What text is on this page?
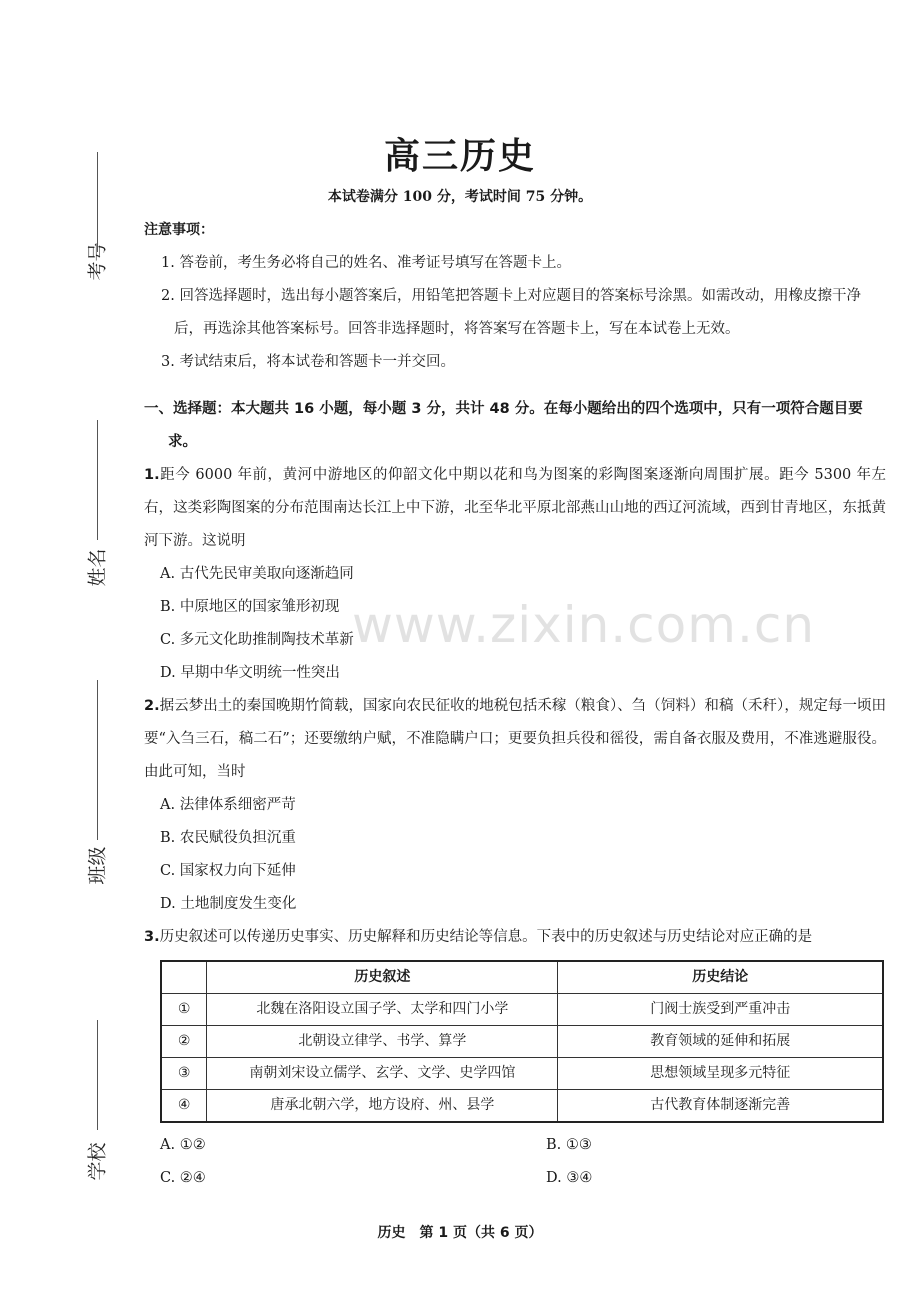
考号
姓名
班级
学校
高三历史
本试卷满分 100 分，考试时间 75 分钟。
www.zixin.com.cn
注意事项：
1. 答卷前，考生务必将自己的姓名、准考证号填写在答题卡上。
2. 回答选择题时，选出每小题答案后，用铅笔把答题卡上对应题目的答案标号涂黑。如需改动，用橡皮擦干净后，再选涂其他答案标号。回答非选择题时，将答案写在答题卡上，写在本试卷上无效。
3. 考试结束后，将本试卷和答题卡一并交回。
一、选择题：本大题共 16 小题，每小题 3 分，共计 48 分。在每小题给出的四个选项中，只有一项符合题目要求。
1.距今 6000 年前，黄河中游地区的仰韶文化中期以花和鸟为图案的彩陶图案逐渐向周围扩展。距今 5300 年左右，这类彩陶图案的分布范围南达长江上中下游，北至华北平原北部燕山山地的西辽河流域，西到甘青地区，东抵黄河下游。这说明
A. 古代先民审美取向逐渐趋同
B. 中原地区的国家雏形初现
C. 多元文化助推制陶技术革新
D. 早期中华文明统一性突出
2.据云梦出土的秦国晚期竹简载，国家向农民征收的地税包括禾稼（粮食）、刍（饲料）和稿（禾秆），规定每一顷田要“入刍三石，稿二石”；还要缴纳户赋，不准隐瞒户口；更要负担兵役和徭役，需自备衣服及费用，不准逃避服役。由此可知，当时
A. 法律体系细密严苛
B. 农民赋役负担沉重
C. 国家权力向下延伸
D. 土地制度发生变化
3.历史叙述可以传递历史事实、历史解释和历史结论等信息。下表中的历史叙述与历史结论对应正确的是
	历史叙述	历史结论
①	北魏在洛阳设立国子学、太学和四门小学	门阀士族受到严重冲击
②	北朝设立律学、书学、算学	教育领域的延伸和拓展
③	南朝刘宋设立儒学、玄学、文学、史学四馆	思想领域呈现多元特征
④	唐承北朝六学，地方设府、州、县学	古代教育体制逐渐完善
A. ①②	B. ①③
C. ②④	D. ③④
历史　第 1 页（共 6 页）
